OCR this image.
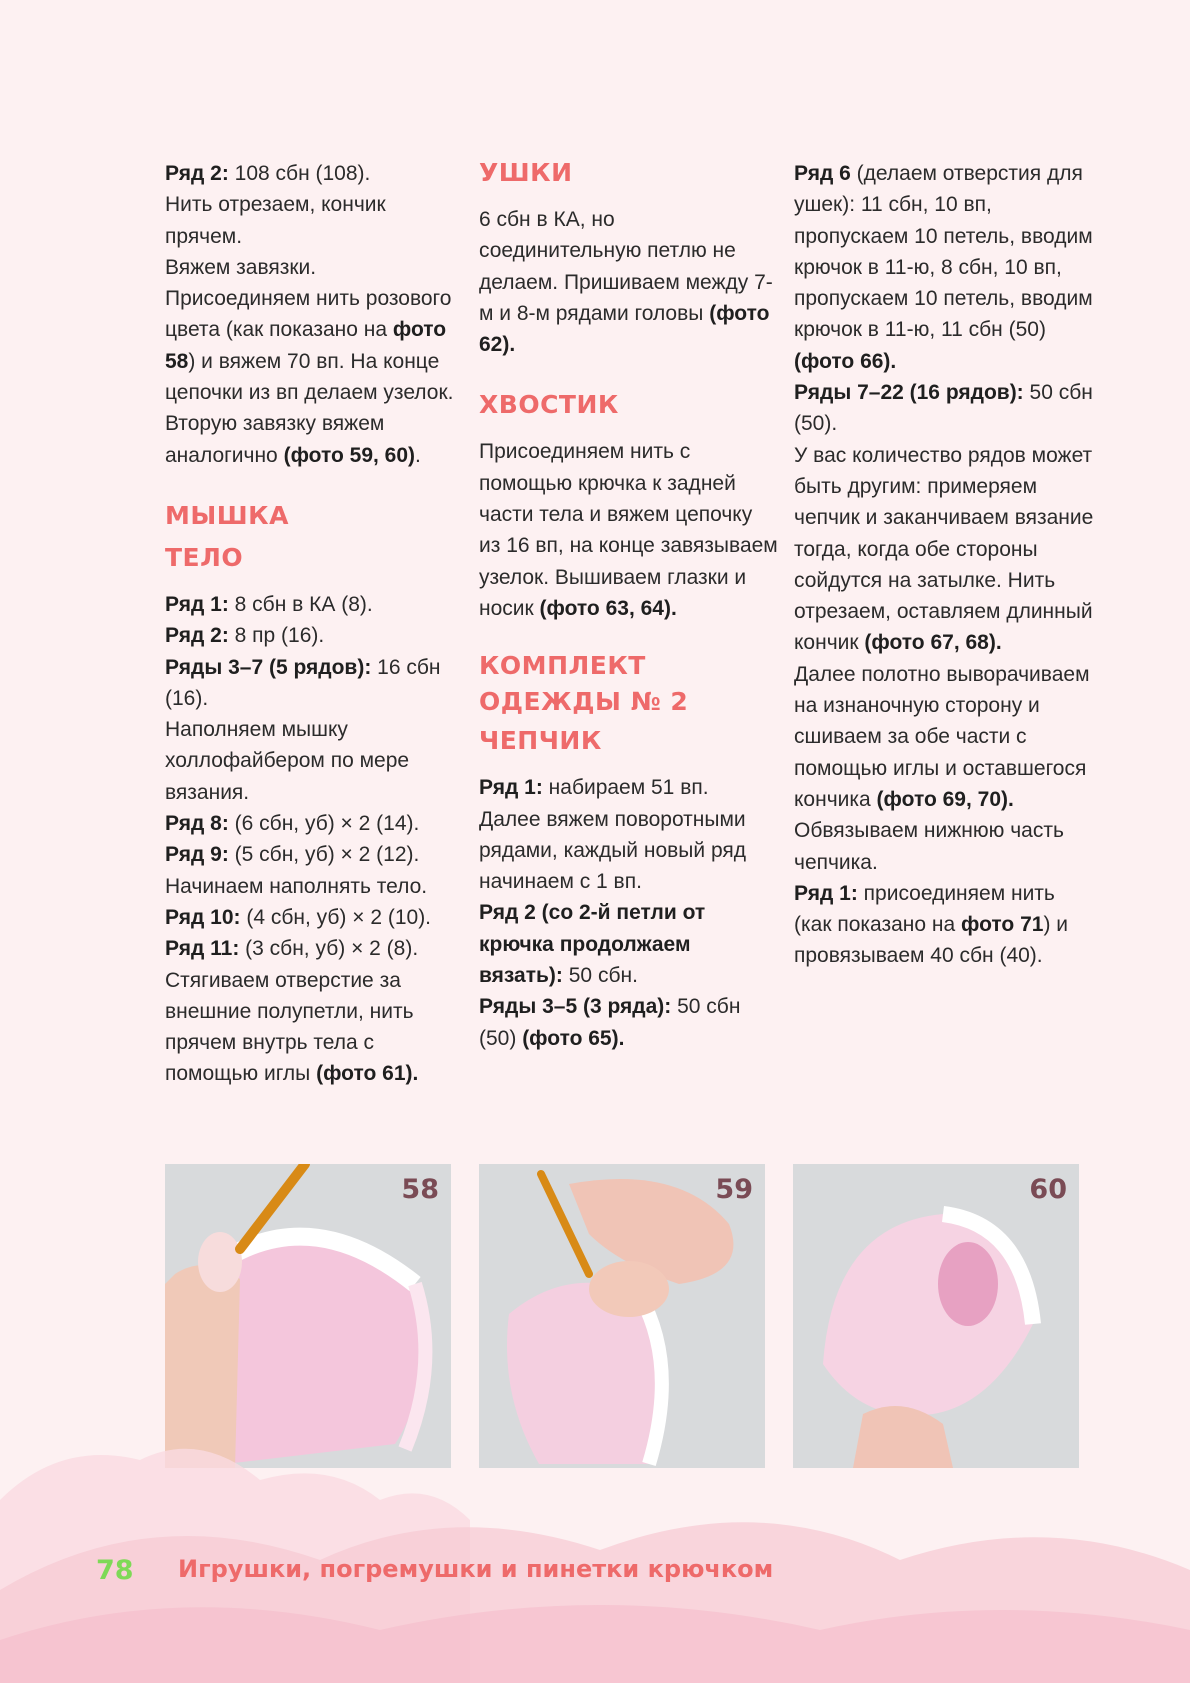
Ряд 2: 108 сбн (108).
Нить отрезаем, кончик прячем.
Вяжем завязки. Присоединяем нить розового цвета (как показано на фото 58) и вяжем 70 вп. На конце цепочки из вп делаем узелок. Вторую завязку вяжем аналогично (фото 59, 60).

МЫШКА
ТЕЛО

Ряд 1: 8 сбн в КА (8).
Ряд 2: 8 пр (16).
Ряды 3–7 (5 рядов): 16 сбн (16).
Наполняем мышку холлофайбером по мере вязания.
Ряд 8: (6 сбн, уб) × 2 (14).
Ряд 9: (5 сбн, уб) × 2 (12).
Начинаем наполнять тело.
Ряд 10: (4 сбн, уб) × 2 (10).
Ряд 11: (3 сбн, уб) × 2 (8).
Стягиваем отверстие за внешние полупетли, нить прячем внутрь тела с помощью иглы (фото 61).

УШКИ

6 сбн в КА, но соединительную петлю не делаем. Пришиваем между 7-м и 8-м рядами головы (фото 62).

ХВОСТИК

Присоединяем нить с помощью крючка к задней части тела и вяжем цепочку из 16 вп, на конце завязываем узелок. Вышиваем глазки и носик (фото 63, 64).

КОМПЛЕКТ
ОДЕЖДЫ № 2
ЧЕПЧИК

Ряд 1: набираем 51 вп.
Далее вяжем поворотными рядами, каждый новый ряд начинаем с 1 вп.
Ряд 2 (со 2-й петли от крючка продолжаем вязать): 50 сбн.
Ряды 3–5 (3 ряда): 50 сбн (50) (фото 65).

Ряд 6 (делаем отверстия для ушек): 11 сбн, 10 вп, пропускаем 10 петель, вводим крючок в 11-ю, 8 сбн, 10 вп, пропускаем 10 петель, вводим крючок в 11-ю, 11 сбн (50) (фото 66).
Ряды 7–22 (16 рядов): 50 сбн (50).
У вас количество рядов может быть другим: примеряем чепчик и заканчиваем вязание тогда, когда обе стороны сойдутся на затылке. Нить отрезаем, оставляем длинный кончик (фото 67, 68).
Далее полотно выворачиваем на изнаночную сторону и сшиваем за обе части с помощью иглы и оставшегося кончика (фото 69, 70).
Обвязываем нижнюю часть чепчика.
Ряд 1: присоединяем нить (как показано на фото 71) и провязываем 40 сбн (40).

58	59	60
78 Игрушки, погремушки и пинетки крючком
